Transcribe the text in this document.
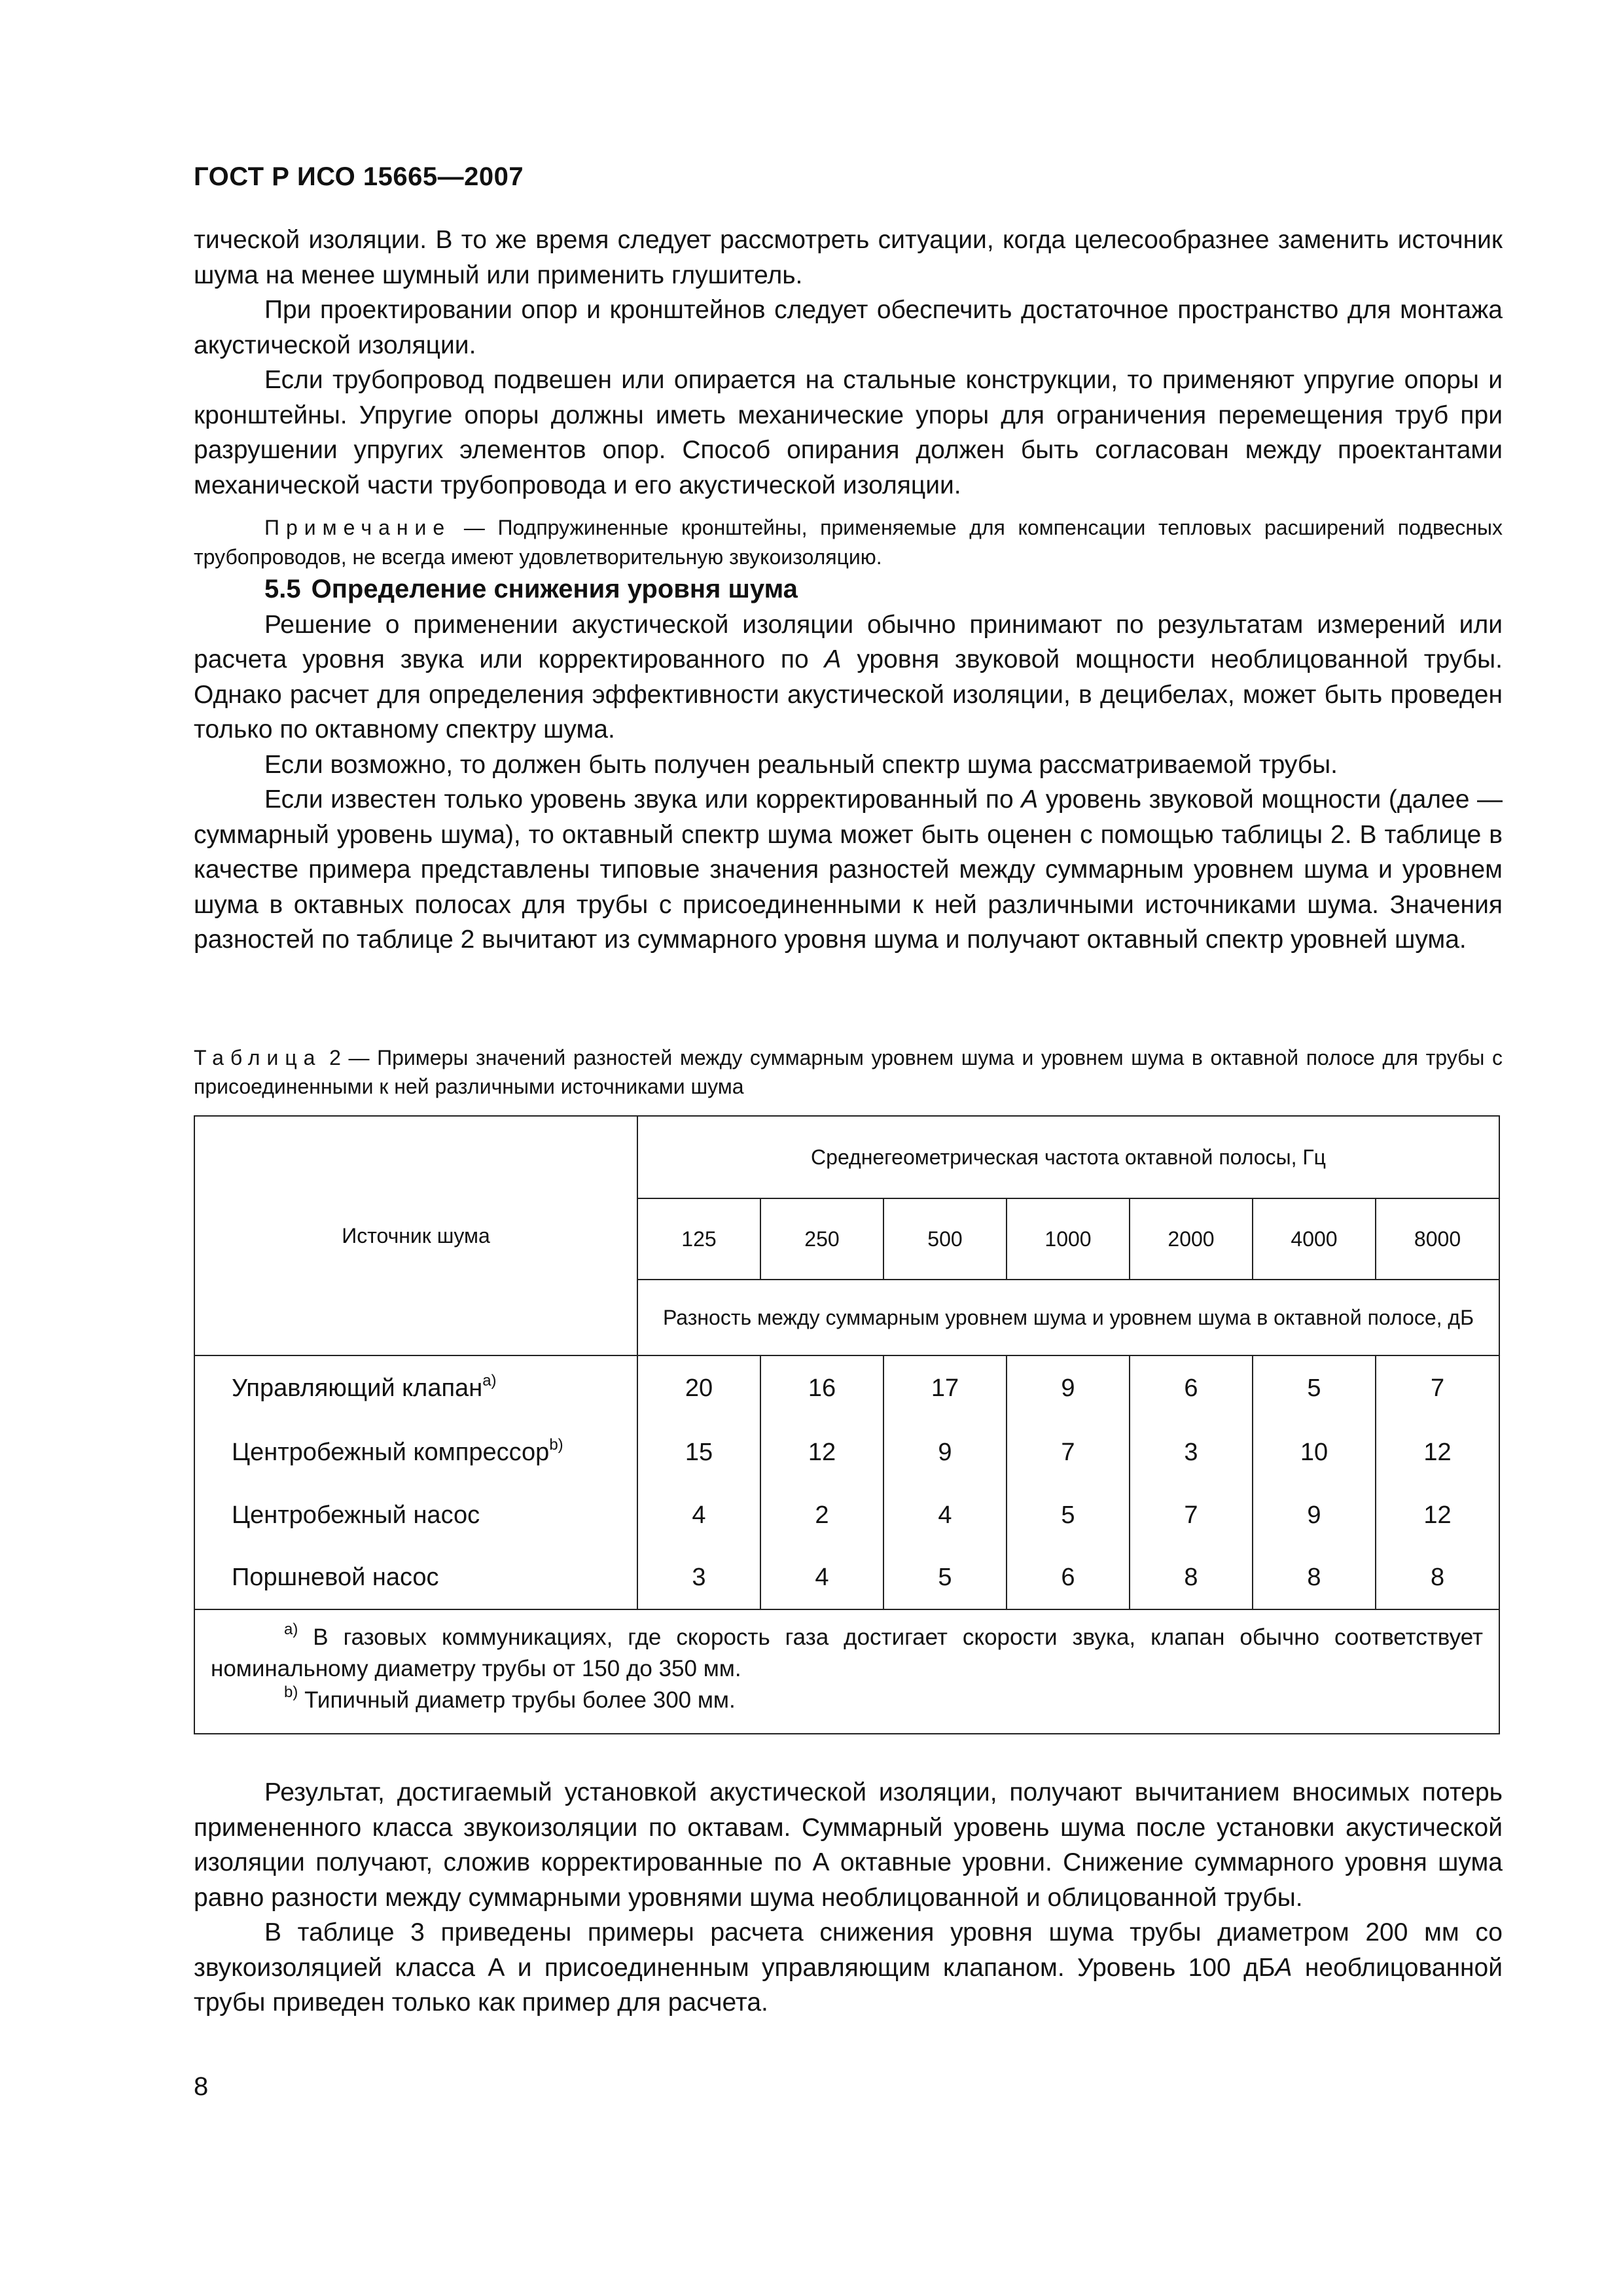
ГОСТ Р ИСО 15665—2007

тической изоляции. В то же время следует рассмотреть ситуации, когда целесообразнее заменить источник шума на менее шумный или применить глушитель.

При проектировании опор и кронштейнов следует обеспечить достаточное пространство для монтажа акустической изоляции.

Если трубопровод подвешен или опирается на стальные конструкции, то применяют упругие опоры и кронштейны. Упругие опоры должны иметь механические упоры для ограничения перемещения труб при разрушении упругих элементов опор. Способ опирания должен быть согласован между проектантами механической части трубопровода и его акустической изоляции.

Примечание — Подпружиненные кронштейны, применяемые для компенсации тепловых расширений подвесных трубопроводов, не всегда имеют удовлетворительную звукоизоляцию.

5.5 Определение снижения уровня шума

Решение о применении акустической изоляции обычно принимают по результатам измерений или расчета уровня звука или корректированного по А уровня звуковой мощности необлицованной трубы. Однако расчет для определения эффективности акустической изоляции, в децибелах, может быть проведен только по октавному спектру шума.

Если возможно, то должен быть получен реальный спектр шума рассматриваемой трубы.

Если известен только уровень звука или корректированный по А уровень звуковой мощности (далее — суммарный уровень шума), то октавный спектр шума может быть оценен с помощью таблицы 2. В таблице в качестве примера представлены типовые значения разностей между суммарным уровнем шума и уровнем шума в октавных полосах для трубы с присоединенными к ней различными источниками шума. Значения разностей по таблице 2 вычитают из суммарного уровня шума и получают октавный спектр уровней шума.

Таблица 2 — Примеры значений разностей между суммарным уровнем шума и уровнем шума в октавной полосе для трубы с присоединенными к ней различными источниками шума
Источник шума	Среднегеометрическая частота октавной полосы, Гц						
	125	250	500	1000	2000	4000	8000
	Разность между суммарным уровнем шума и уровнем шума в октавной полосе, дБ						
Управляющий клапан$^{а)}$	20	16	17	9	6	5	7
Центробежный компрессор$^{b)}$	15	12	9	7	3	10	12
Центробежный насос	4	2	4	5	7	9	12
Поршневой насос	3	4	5	6	8	8	8

$^{а)}$ В газовых коммуникациях, где скорость газа достигает скорости звука, клапан обычно соответствует номинальному диаметру трубы от 150 до 350 мм.

$^{b)}$ Типичный диаметр трубы более 300 мм.							

Результат, достигаемый установкой акустической изоляции, получают вычитанием вносимых потерь примененного класса звукоизоляции по октавам. Суммарный уровень шума после установки акустической изоляции получают, сложив корректированные по А октавные уровни. Снижение суммарного уровня шума равно разности между суммарными уровнями шума необлицованной и облицованной трубы.

В таблице 3 приведены примеры расчета снижения уровня шума трубы диаметром 200 мм со звукоизоляцией класса А и присоединенным управляющим клапаном. Уровень 100 дБА необлицованной трубы приведен только как пример для расчета.

8
